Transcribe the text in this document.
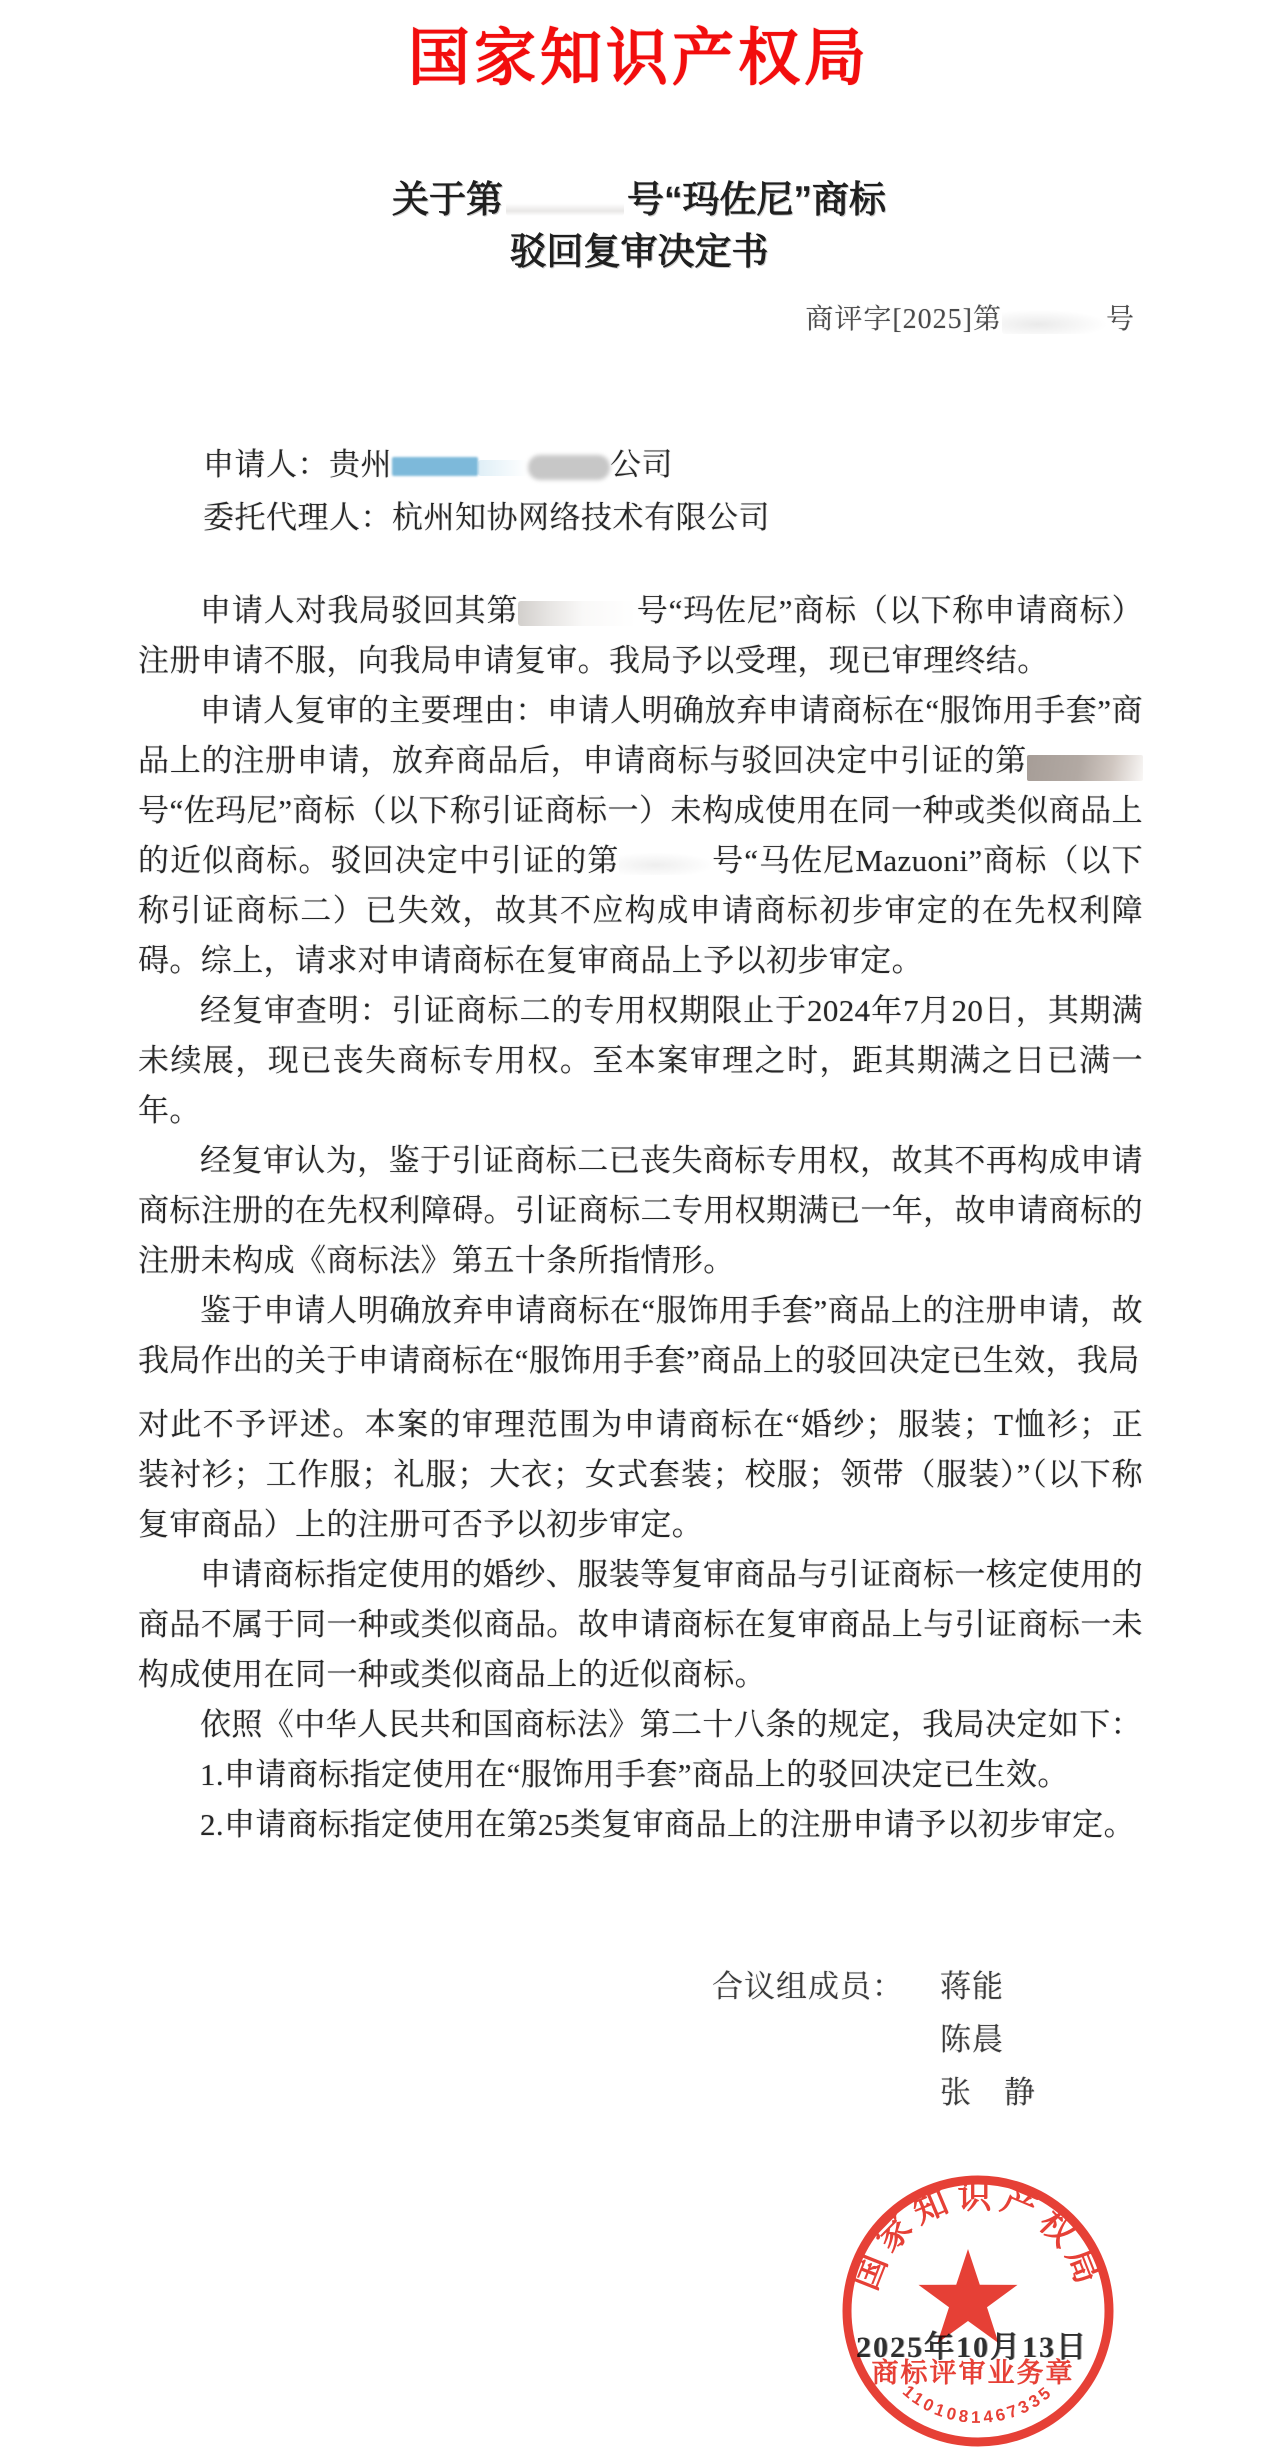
国家知识产权局
关于第	号“玛佐尼”商标
驳回复审决定书
商评字[2025]第	号
申请人：贵州	公司
委托代理人：杭州知协网络技术有限公司

申请人对我局驳回其第	号“玛佐尼”商标（以下称申请商标）注册申请不服，向我局申请复审。我局予以受理，现已审理终结。

申请人复审的主要理由：申请人明确放弃申请商标在“服饰用手套”商品上的注册申请，放弃商品后，申请商标与驳回决定中引证的第号“佐玛尼”商标（以下称引证商标一）未构成使用在同一种或类似商品上的近似商标。驳回决定中引证的第	号“马佐尼Mazuoni”商标（以下称引证商标二）已失效，故其不应构成申请商标初步审定的在先权利障碍。综上，请求对申请商标在复审商品上予以初步审定。

经复审查明：引证商标二的专用权期限止于2024年7月20日，其期满未续展，现已丧失商标专用权。至本案审理之时，距其期满之日已满一年。

经复审认为，鉴于引证商标二已丧失商标专用权，故其不再构成申请商标注册的在先权利障碍。引证商标二专用权期满已一年，故申请商标的注册未构成《商标法》第五十条所指情形。

鉴于申请人明确放弃申请商标在“服饰用手套”商品上的注册申请，故我局作出的关于申请商标在“服饰用手套”商品上的驳回决定已生效，我局

对此不予评述。本案的审理范围为申请商标在“婚纱；服装；T恤衫；正装衬衫；工作服；礼服；大衣；女式套装；校服；领带（服装）”（以下称复审商品）上的注册可否予以初步审定。

申请商标指定使用的婚纱、服装等复审商品与引证商标一核定使用的商品不属于同一种或类似商品。故申请商标在复审商品上与引证商标一未构成使用在同一种或类似商品上的近似商标。

依照《中华人民共和国商标法》第二十八条的规定，我局决定如下：

1.申请商标指定使用在“服饰用手套”商品上的驳回决定已生效。

2.申请商标指定使用在第25类复审商品上的注册申请予以初步审定。

合议组成员： 蒋能
陈晨
张　静
2025年10月13日
国家知识产权局
商标评审业务章
1101081467335
